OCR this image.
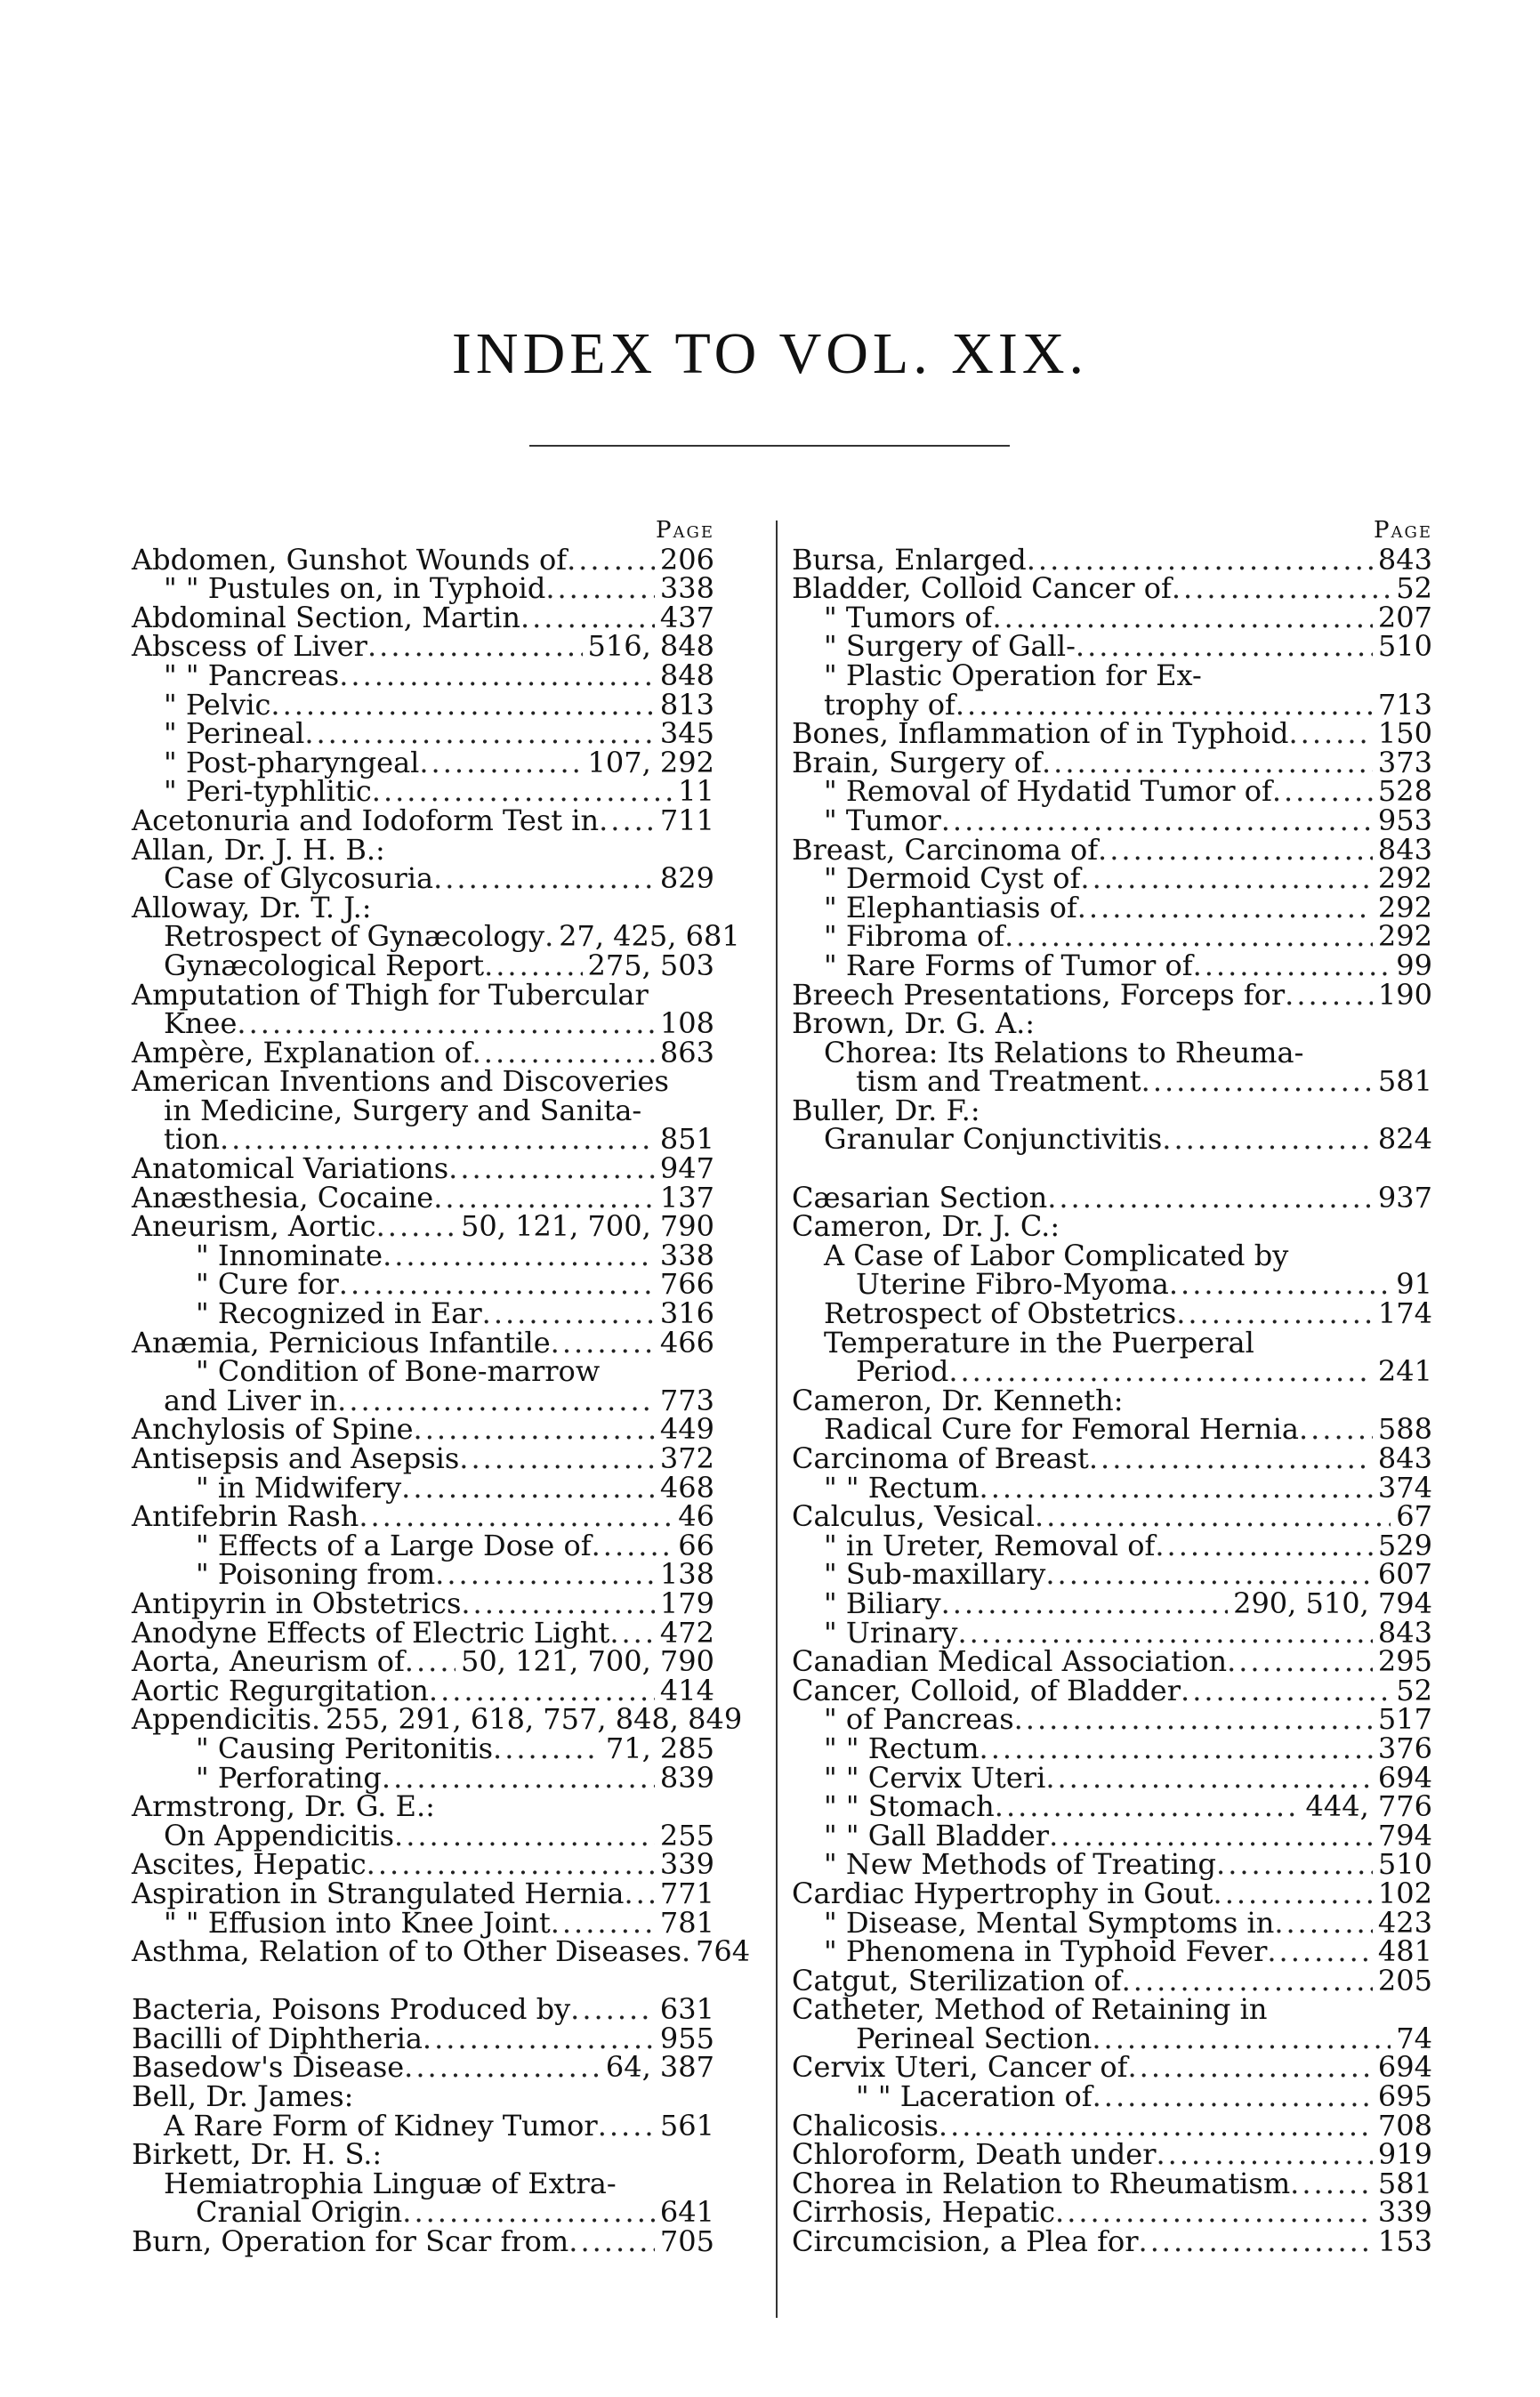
INDEX TO VOL. XIX.
Page
Abdomen, Gunshot Wounds of .....	206
" " Pustules on, in Typhoid .....	338
Abdominal Section, Martin .....	437
Abscess of Liver .....	516, 848
" " Pancreas .....	848
" Pelvic .....	813
" Perineal .....	345
" Post-pharyngeal .....	107, 292
" Peri-typhlitic .....	11
Acetonuria and Iodoform Test in ..... 711
Allan, Dr. J. H. B.:
Case of Glycosuria .....	829
Alloway, Dr. T. J.:
Retrospect of Gynæcology ..... 27, 425, 681
Gynæcological Report .....	275, 503
Amputation of Thigh for Tubercular
Knee .....	108
Ampère, Explanation of .....	863
American Inventions and Discoveries
in Medicine, Surgery and Sanita-
tion .....	851
Anatomical Variations .....	947
Anæsthesia, Cocaine .....	137
Aneurism, Aortic .....	50, 121, 700, 790
" Innominate .....	338
" Cure for .....	766
" Recognized in Ear .....	316
Anæmia, Pernicious Infantile .....	466
" Condition of Bone-marrow
and Liver in .....	773
Anchylosis of Spine .....	449
Antisepsis and Asepsis .....	372
" in Midwifery .....	468
Antifebrin Rash .....	46
" Effects of a Large Dose of .....	66
" Poisoning from .....	138
Antipyrin in Obstetrics .....	179
Anodyne Effects of Electric Light ..... 472
Aorta, Aneurism of ..... 50, 121, 700, 790
Aortic Regurgitation .....	414
Appendicitis ..... 255, 291, 618, 757, 848, 849
" Causing Peritonitis .....	71, 285
" Perforating .....	839
Armstrong, Dr. G. E.:
On Appendicitis .....	255
Ascites, Hepatic .....	339
Aspiration in Strangulated Hernia ..... 771
" " Effusion into Knee Joint .....	781
Asthma, Relation of to Other Diseases ..... 764
Bacteria, Poisons Produced by .....	631
Bacilli of Diphtheria .....	955
Basedow's Disease .....	64, 387
Bell, Dr. James:
A Rare Form of Kidney Tumor ..... 561
Birkett, Dr. H. S.:
Hemiatrophia Linguæ of Extra-
Cranial Origin .....	641
Burn, Operation for Scar from .....	705
Page
Bursa, Enlarged .....	843
Bladder, Colloid Cancer of .....	52
" Tumors of .....	207
" Surgery of Gall- .....	510
" Plastic Operation for Ex-
trophy of .....	713
Bones, Inflammation of in Typhoid .....	150
Brain, Surgery of .....	373
" Removal of Hydatid Tumor of .....	528
" Tumor .....	953
Breast, Carcinoma of .....	843
" Dermoid Cyst of .....	292
" Elephantiasis of .....	292
" Fibroma of .....	292
" Rare Forms of Tumor of .....	99
Breech Presentations, Forceps for .....	190
Brown, Dr. G. A.:
Chorea: Its Relations to Rheuma-
tism and Treatment .....	581
Buller, Dr. F.:
Granular Conjunctivitis .....	824
Cæsarian Section .....	937
Cameron, Dr. J. C.:
A Case of Labor Complicated by
Uterine Fibro-Myoma .....	91
Retrospect of Obstetrics .....	174
Temperature in the Puerperal
Period .....	241
Cameron, Dr. Kenneth:
Radical Cure for Femoral Hernia .....	588
Carcinoma of Breast .....	843
" " Rectum .....	374
Calculus, Vesical .....	67
" in Ureter, Removal of .....	529
" Sub-maxillary .....	607
" Biliary .....	290, 510, 794
" Urinary .....	843
Canadian Medical Association .....	295
Cancer, Colloid, of Bladder .....	52
" of Pancreas .....	517
" " Rectum .....	376
" " Cervix Uteri .....	694
" " Stomach .....	444, 776
" " Gall Bladder .....	794
" New Methods of Treating .....	510
Cardiac Hypertrophy in Gout .....	102
" Disease, Mental Symptoms in .....	423
" Phenomena in Typhoid Fever .....	481
Catgut, Sterilization of .....	205
Catheter, Method of Retaining in
Perineal Section .....	74
Cervix Uteri, Cancer of .....	694
" " Laceration of .....	695
Chalicosis .....	708
Chloroform, Death under .....	919
Chorea in Relation to Rheumatism .....	581
Cirrhosis, Hepatic .....	339
Circumcision, a Plea for .....	153
